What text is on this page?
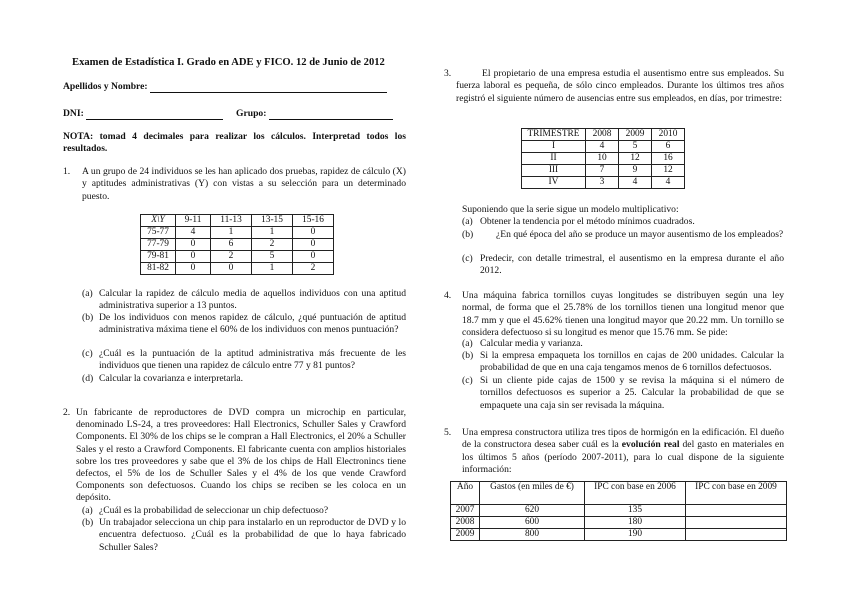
Examen de Estadística I. Grado en ADE y FICO. 12 de Junio de 2012
Apellidos y Nombre:
DNI:	Grupo:
NOTA: tomad 4 decimales para realizar los cálculos. Interpretad todos los resultados.
1. A un grupo de 24 individuos se les han aplicado dos pruebas, rapidez de cálculo (X) y aptitudes administrativas (Y) con vistas a su selección para un determinado puesto.
X\Y	9-11	11-13	13-15	15-16
75-77	4	1	1	0
77-79	0	6	2	0
79-81	0	2	5	0
81-82	0	0	1	2
(a) Calcular la rapidez de cálculo media de aquellos individuos con una aptitud administrativa superior a 13 puntos.
(b) De los individuos con menos rapidez de cálculo, ¿qué puntuación de aptitud administrativa máxima tiene el 60% de los individuos con menos puntuación?
(c) ¿Cuál es la puntuación de la aptitud administrativa más frecuente de les individuos que tienen una rapidez de cálculo entre 77 y 81 puntos?
(d) Calcular la covarianza e interpretarla.
2. Un fabricante de reproductores de DVD compra un microchip en particular, denominado LS-24, a tres proveedores: Hall Electronics, Schuller Sales y Crawford Components. El 30% de los chips se le compran a Hall Electronics, el 20% a Schuller Sales y el resto a Crawford Components. El fabricante cuenta con amplios historiales sobre los tres proveedores y sabe que el 3% de los chips de Hall Electronincs tiene defectos, el 5% de los de Schuller Sales y el 4% de los que vende Crawford Components son defectuosos. Cuando los chips se reciben se les coloca en un depósito.
(a) ¿Cuál es la probabilidad de seleccionar un chip defectuoso?
(b) Un trabajador selecciona un chip para instalarlo en un reproductor de DVD y lo encuentra defectuoso. ¿Cuál es la probabilidad de que lo haya fabricado Schuller Sales?
3.	El propietario de una empresa estudia el ausentismo entre sus empleados. Su fuerza laboral es pequeña, de sólo cinco empleados. Durante los últimos tres años registró el siguiente número de ausencias entre sus empleados, en días, por trimestre:
TRIMESTRE	2008	2009	2010
I	4	5	6
II	10	12	16
III	7	9	12
IV	3	4	4
Suponiendo que la serie sigue un modelo multiplicativo:
(a) Obtener la tendencia por el método mínimos cuadrados.
(b)	¿En qué época del año se produce un mayor ausentismo de los empleados?
(c) Predecir, con detalle trimestral, el ausentismo en la empresa durante el año 2012.
4. Una máquina fabrica tornillos cuyas longitudes se distribuyen según una ley normal, de forma que el 25.78% de los tornillos tienen una longitud menor que 18.7 mm y que el 45.62% tienen una longitud mayor que 20.22 mm. Un tornillo se considera defectuoso si su longitud es menor que 15.76 mm. Se pide:
(a) Calcular media y varianza.
(b) Si la empresa empaqueta los tornillos en cajas de 200 unidades. Calcular la probabilidad de que en una caja tengamos menos de 6 tornillos defectuosos.
(c) Si un cliente pide cajas de 1500 y se revisa la máquina si el número de tornillos defectuosos es superior a 25. Calcular la probabilidad de que se empaquete una caja sin ser revisada la máquina.
5. Una empresa constructora utiliza tres tipos de hormigón en la edificación. El dueño de la constructora desea saber cuál es la evolución real del gasto en materiales en los últimos 5 años (período 2007-2011), para lo cual dispone de la siguiente información:
Año	Gastos (en miles de €)	IPC con base en 2006	IPC con base en 2009
2007	620	135	
2008	600	180	
2009	800	190	
